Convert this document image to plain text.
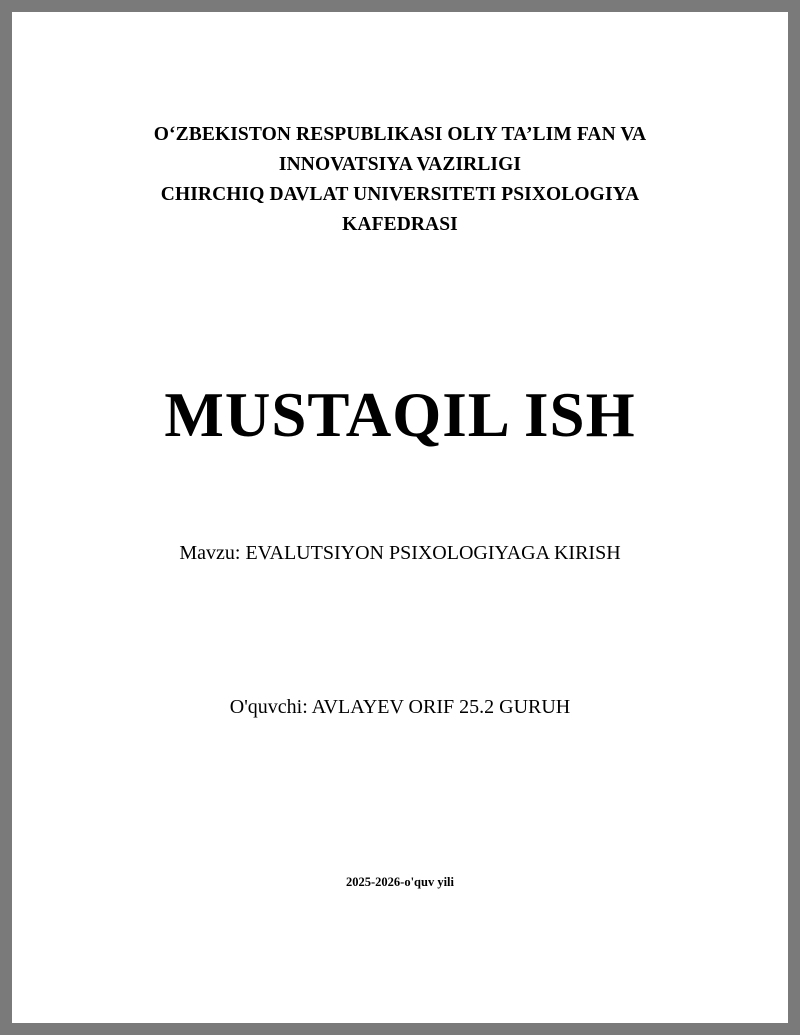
O‘ZBEKISTON RESPUBLIKASI OLIY TA’LIM FAN VA
INNOVATSIYA VAZIRLIGI
CHIRCHIQ DAVLAT UNIVERSITETI PSIXOLOGIYA
KAFEDRASI
MUSTAQIL ISH
Mavzu: EVALUTSIYON PSIXOLOGIYAGA KIRISH
O'quvchi: AVLAYEV ORIF 25.2 GURUH
2025-2026-o'quv yili
